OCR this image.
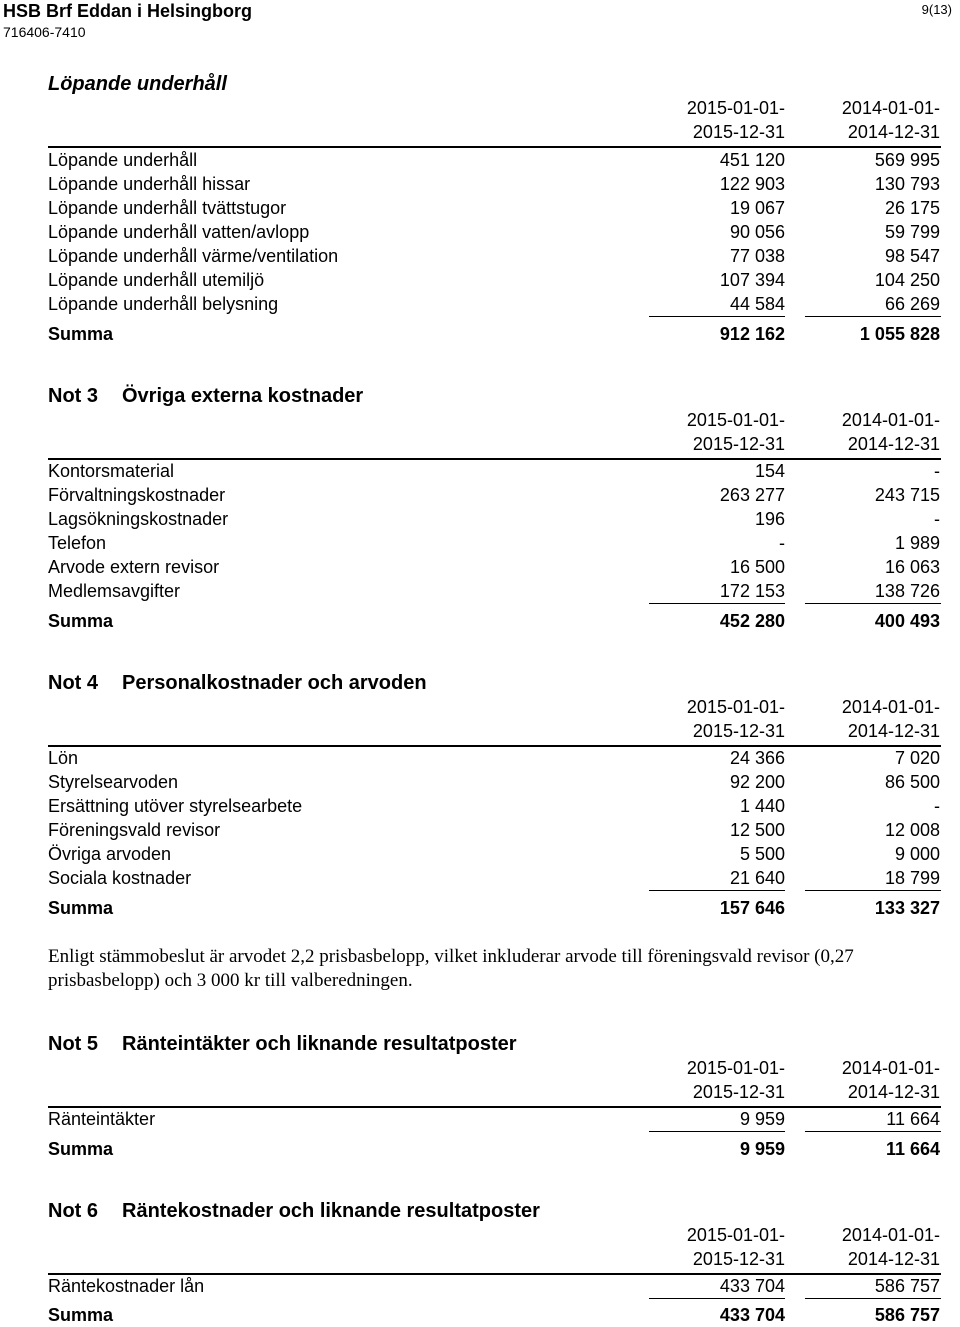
HSB Brf Eddan i Helsingborg
716406-7410
9(13)
Löpande underhåll
2015-01-01-
2015-12-31
2014-01-01-
2014-12-31
Löpande underhåll	451 120	569 995
Löpande underhåll hissar	122 903	130 793
Löpande underhåll tvättstugor	19 067	26 175
Löpande underhåll vatten/avlopp	90 056	59 799
Löpande underhåll värme/ventilation	77 038	98 547
Löpande underhåll utemiljö	107 394	104 250
Löpande underhåll belysning	44 584	66 269
Summa	912 162	1 055 828
Not 3 Övriga externa kostnader
2015-01-01-
2015-12-31
2014-01-01-
2014-12-31
Kontorsmaterial	154	-
Förvaltningskostnader	263 277	243 715
Lagsökningskostnader	196	-
Telefon	-	1 989
Arvode extern revisor	16 500	16 063
Medlemsavgifter	172 153	138 726
Summa	452 280	400 493
Not 4 Personalkostnader och arvoden
2015-01-01-
2015-12-31
2014-01-01-
2014-12-31
Lön	24 366	7 020
Styrelsearvoden	92 200	86 500
Ersättning utöver styrelsearbete	1 440	-
Föreningsvald revisor	12 500	12 008
Övriga arvoden	5 500	9 000
Sociala kostnader	21 640	18 799
Summa	157 646	133 327
Enligt stämmobeslut är arvodet 2,2 prisbasbelopp, vilket inkluderar arvode till föreningsvald revisor (0,27 prisbasbelopp) och 3 000 kr till valberedningen.
Not 5 Ränteintäkter och liknande resultatposter
2015-01-01-
2015-12-31
2014-01-01-
2014-12-31
Ränteintäkter	9 959	11 664
Summa	9 959	11 664
Not 6 Räntekostnader och liknande resultatposter
2015-01-01-
2015-12-31
2014-01-01-
2014-12-31
Räntekostnader lån	433 704	586 757
Summa	433 704	586 757
